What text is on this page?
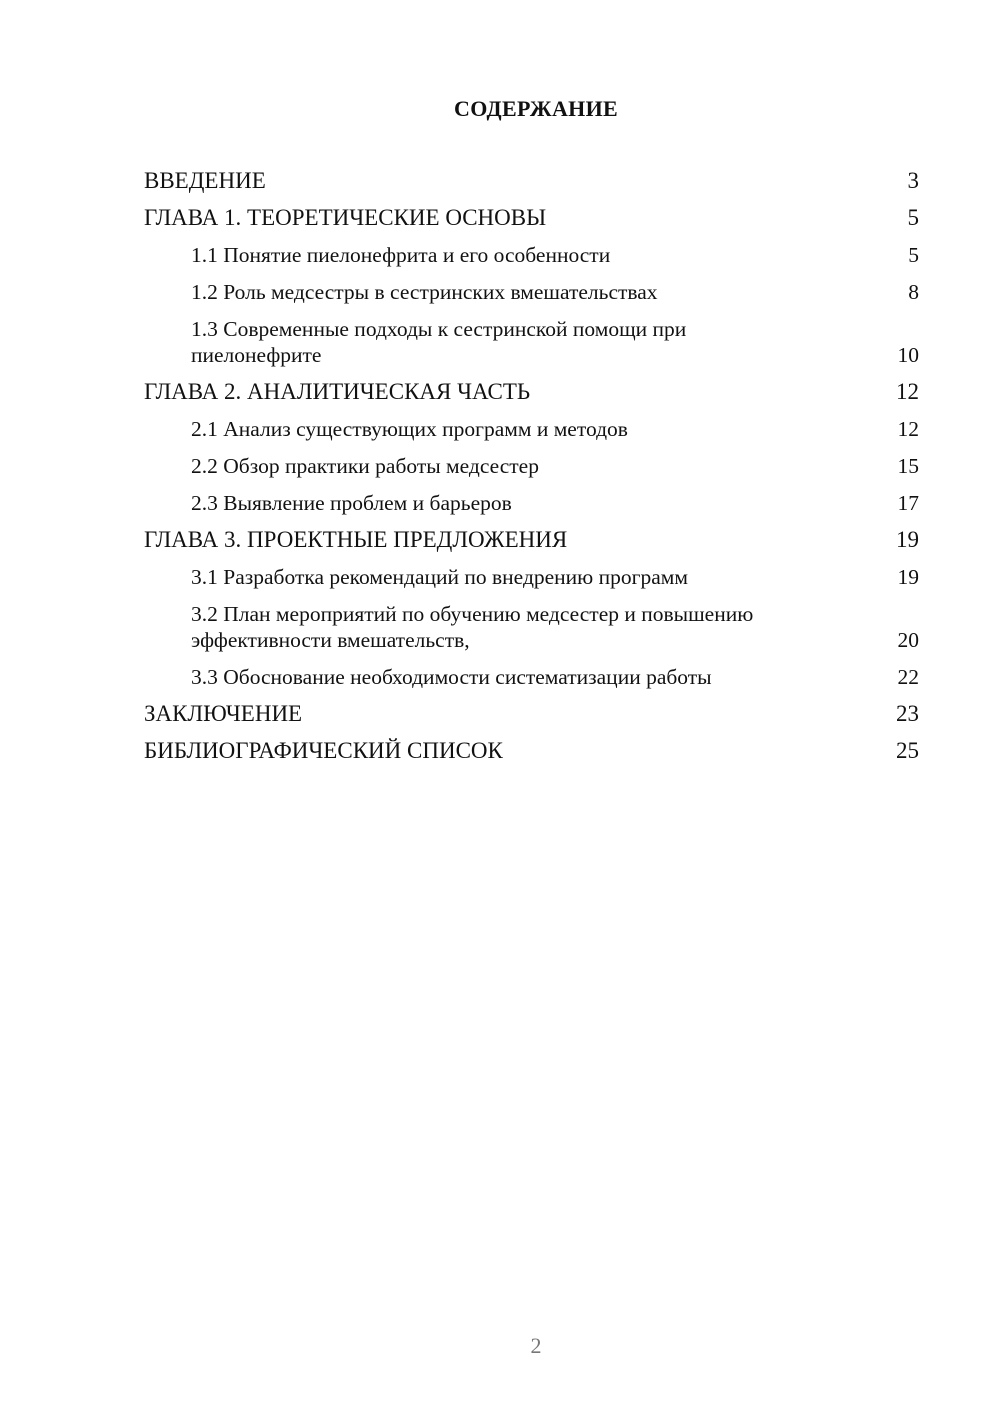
СОДЕРЖАНИЕ
ВВЕДЕНИЕ	3
ГЛАВА 1. ТЕОРЕТИЧЕСКИЕ ОСНОВЫ	5
1.1 Понятие пиелонефрита и его особенности	5
1.2 Роль медсестры в сестринских вмешательствах	8
1.3 Современные подходы к сестринской помощи при пиелонефрите	10
ГЛАВА 2. АНАЛИТИЧЕСКАЯ ЧАСТЬ	12
2.1 Анализ существующих программ и методов	12
2.2 Обзор практики работы медсестер	15
2.3 Выявление проблем и барьеров	17
ГЛАВА 3. ПРОЕКТНЫЕ ПРЕДЛОЖЕНИЯ	19
3.1 Разработка рекомендаций по внедрению программ	19
3.2 План мероприятий по обучению медсестер и повышению эффективности вмешательств,	20
3.3 Обоснование необходимости систематизации работы	22
ЗАКЛЮЧЕНИЕ	23
БИБЛИОГРАФИЧЕСКИЙ СПИСОК	25
2
